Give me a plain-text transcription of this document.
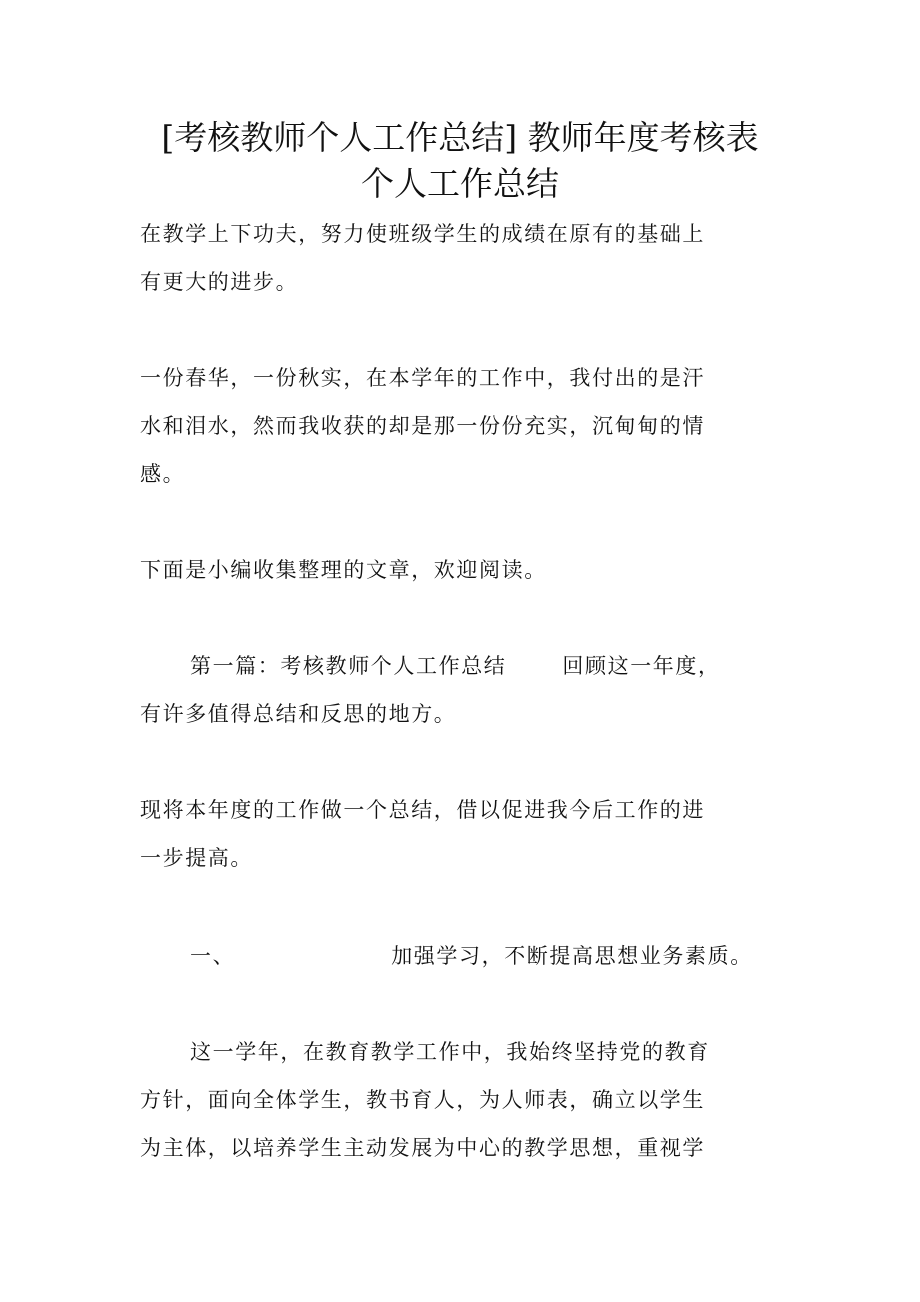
[考核教师个人工作总结] 教师年度考核表
个人工作总结
在教学上下功夫，努力使班级学生的成绩在原有的基础上
有更大的进步。
一份春华，一份秋实，在本学年的工作中，我付出的是汗
水和泪水，然而我收获的却是那一份份充实，沉甸甸的情
感。
下面是小编收集整理的文章，欢迎阅读。
第一篇：考核教师个人工作总结	回顾这一年度，
有许多值得总结和反思的地方。
现将本年度的工作做一个总结，借以促进我今后工作的进
一步提高。
一、	加强学习，不断提高思想业务素质。
这一学年，在教育教学工作中，我始终坚持党的教育
方针，面向全体学生，教书育人，为人师表，确立以学生
为主体，以培养学生主动发展为中心的教学思想，重视学
